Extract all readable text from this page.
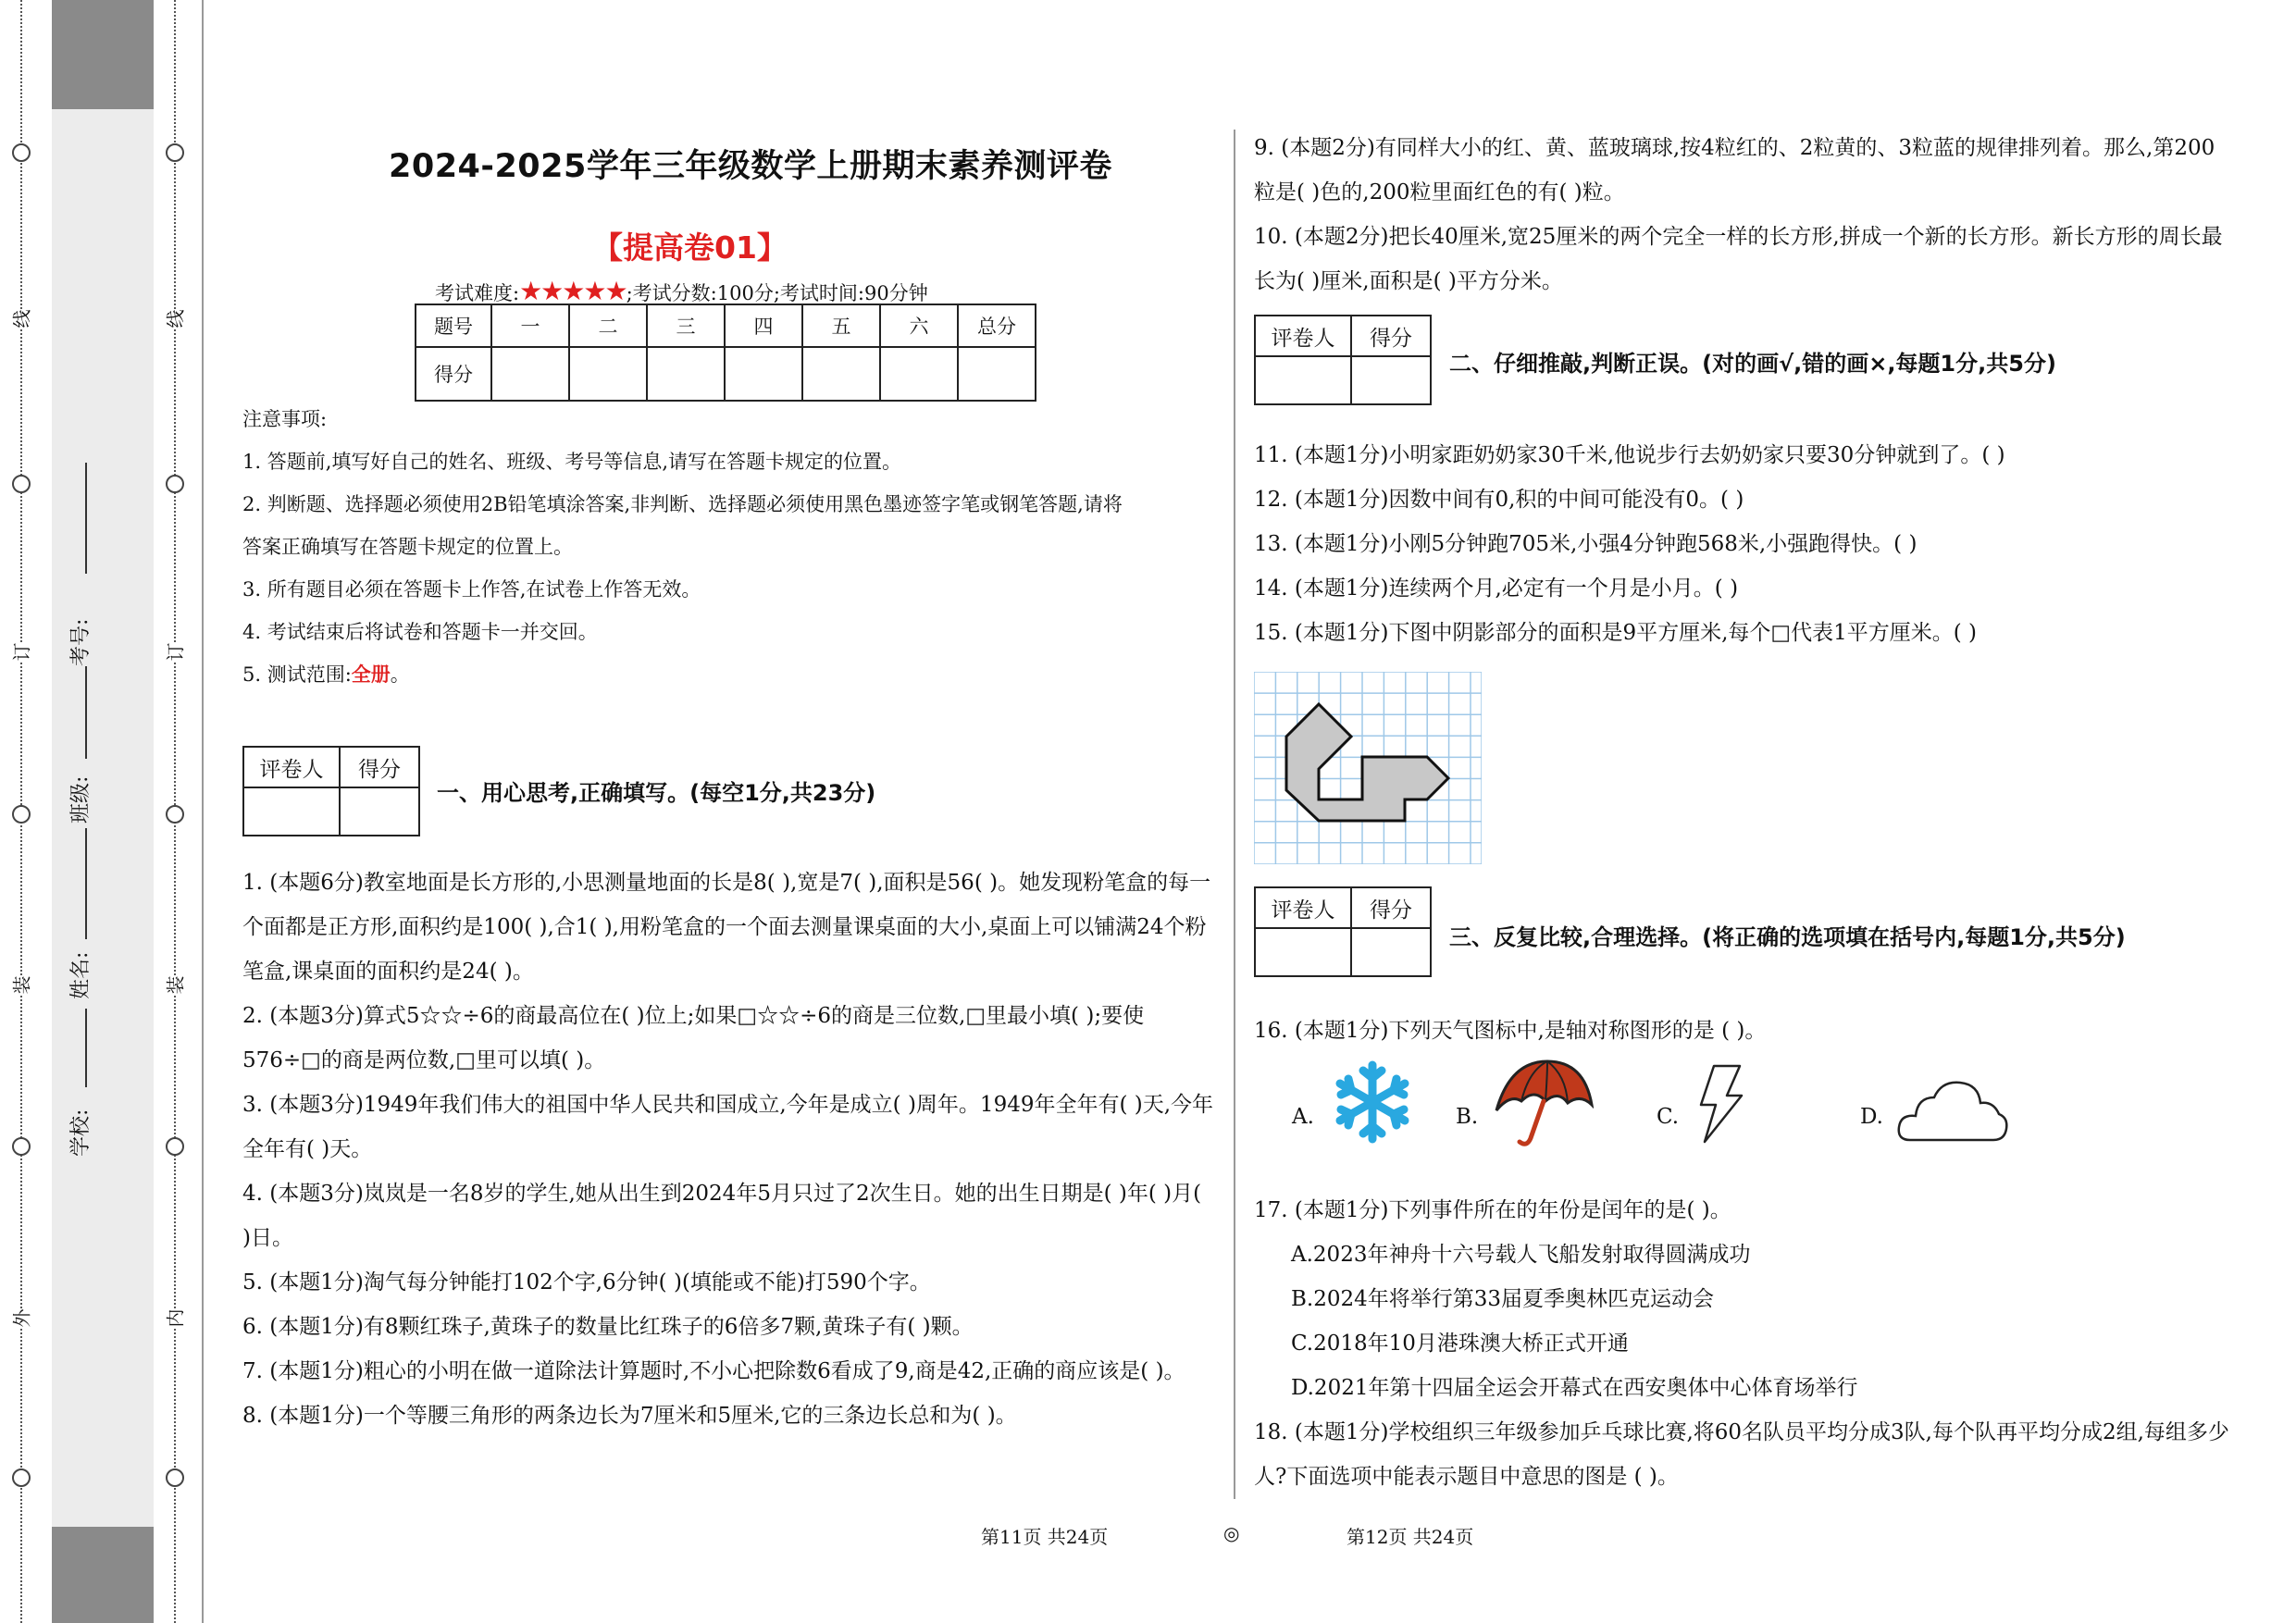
线
订
装
外
线
订
装
内
考号:
班级:
姓名:
学校:
2024-2025学年三年级数学上册期末素养测评卷
【提高卷01】
考试难度:★★★★★;考试分数:100分;考试时间:90分钟
题号	一	二	三	四	五	六	总分
得分							
注意事项:
1. 答题前,填写好自己的姓名、班级、考号等信息,请写在答题卡规定的位置。
2. 判断题、选择题必须使用2B铅笔填涂答案,非判断、选择题必须使用黑色墨迹签字笔或钢笔答题,请将
答案正确填写在答题卡规定的位置上。
3. 所有题目必须在答题卡上作答,在试卷上作答无效。
4. 考试结束后将试卷和答题卡一并交回。
5. 测试范围:全册。
评卷人	得分

一、用心思考,正确填写。(每空1分,共23分)
1. (本题6分)教室地面是长方形的,小思测量地面的长是8( ),宽是7( ),面积是56( )。她发现粉笔盒的每一个面都是正方形,面积约是100( ),合1( ),用粉笔盒的一个面去测量课桌面的大小,桌面上可以铺满24个粉笔盒,课桌面的面积约是24( )。
2. (本题3分)算式5☆☆÷6的商最高位在( )位上;如果□☆☆÷6的商是三位数,□里最小填( );要使576÷□的商是两位数,□里可以填( )。
3. (本题3分)1949年我们伟大的祖国中华人民共和国成立,今年是成立( )周年。1949年全年有( )天,今年全年有( )天。
4. (本题3分)岚岚是一名8岁的学生,她从出生到2024年5月只过了2次生日。她的出生日期是( )年( )月( )日。
5. (本题1分)淘气每分钟能打102个字,6分钟( )(填能或不能)打590个字。
6. (本题1分)有8颗红珠子,黄珠子的数量比红珠子的6倍多7颗,黄珠子有( )颗。
7. (本题1分)粗心的小明在做一道除法计算题时,不小心把除数6看成了9,商是42,正确的商应该是( )。
8. (本题1分)一个等腰三角形的两条边长为7厘米和5厘米,它的三条边长总和为( )。
9. (本题2分)有同样大小的红、黄、蓝玻璃球,按4粒红的、2粒黄的、3粒蓝的规律排列着。那么,第200粒是( )色的,200粒里面红色的有( )粒。
10. (本题2分)把长40厘米,宽25厘米的两个完全一样的长方形,拼成一个新的长方形。新长方形的周长最长为( )厘米,面积是( )平方分米。
评卷人	得分

二、仔细推敲,判断正误。(对的画√,错的画×,每题1分,共5分)
11. (本题1分)小明家距奶奶家30千米,他说步行去奶奶家只要30分钟就到了。( )
12. (本题1分)因数中间有0,积的中间可能没有0。( )
13. (本题1分)小刚5分钟跑705米,小强4分钟跑568米,小强跑得快。( )
14. (本题1分)连续两个月,必定有一个月是小月。( )
15. (本题1分)下图中阴影部分的面积是9平方厘米,每个□代表1平方厘米。( )
评卷人	得分

三、反复比较,合理选择。(将正确的选项填在括号内,每题1分,共5分)
16. (本题1分)下列天气图标中,是轴对称图形的是 ( )。
A.	B.	C.	D.
17. (本题1分)下列事件所在的年份是闰年的是( )。
A.2023年神舟十六号载人飞船发射取得圆满成功
B.2024年将举行第33届夏季奥林匹克运动会
C.2018年10月港珠澳大桥正式开通
D.2021年第十四届全运会开幕式在西安奥体中心体育场举行
18. (本题1分)学校组织三年级参加乒乓球比赛,将60名队员平均分成3队,每个队再平均分成2组,每组多少人?下面选项中能表示题目中意思的图是 ( )。
第11页 共24页	◎	第12页 共24页
